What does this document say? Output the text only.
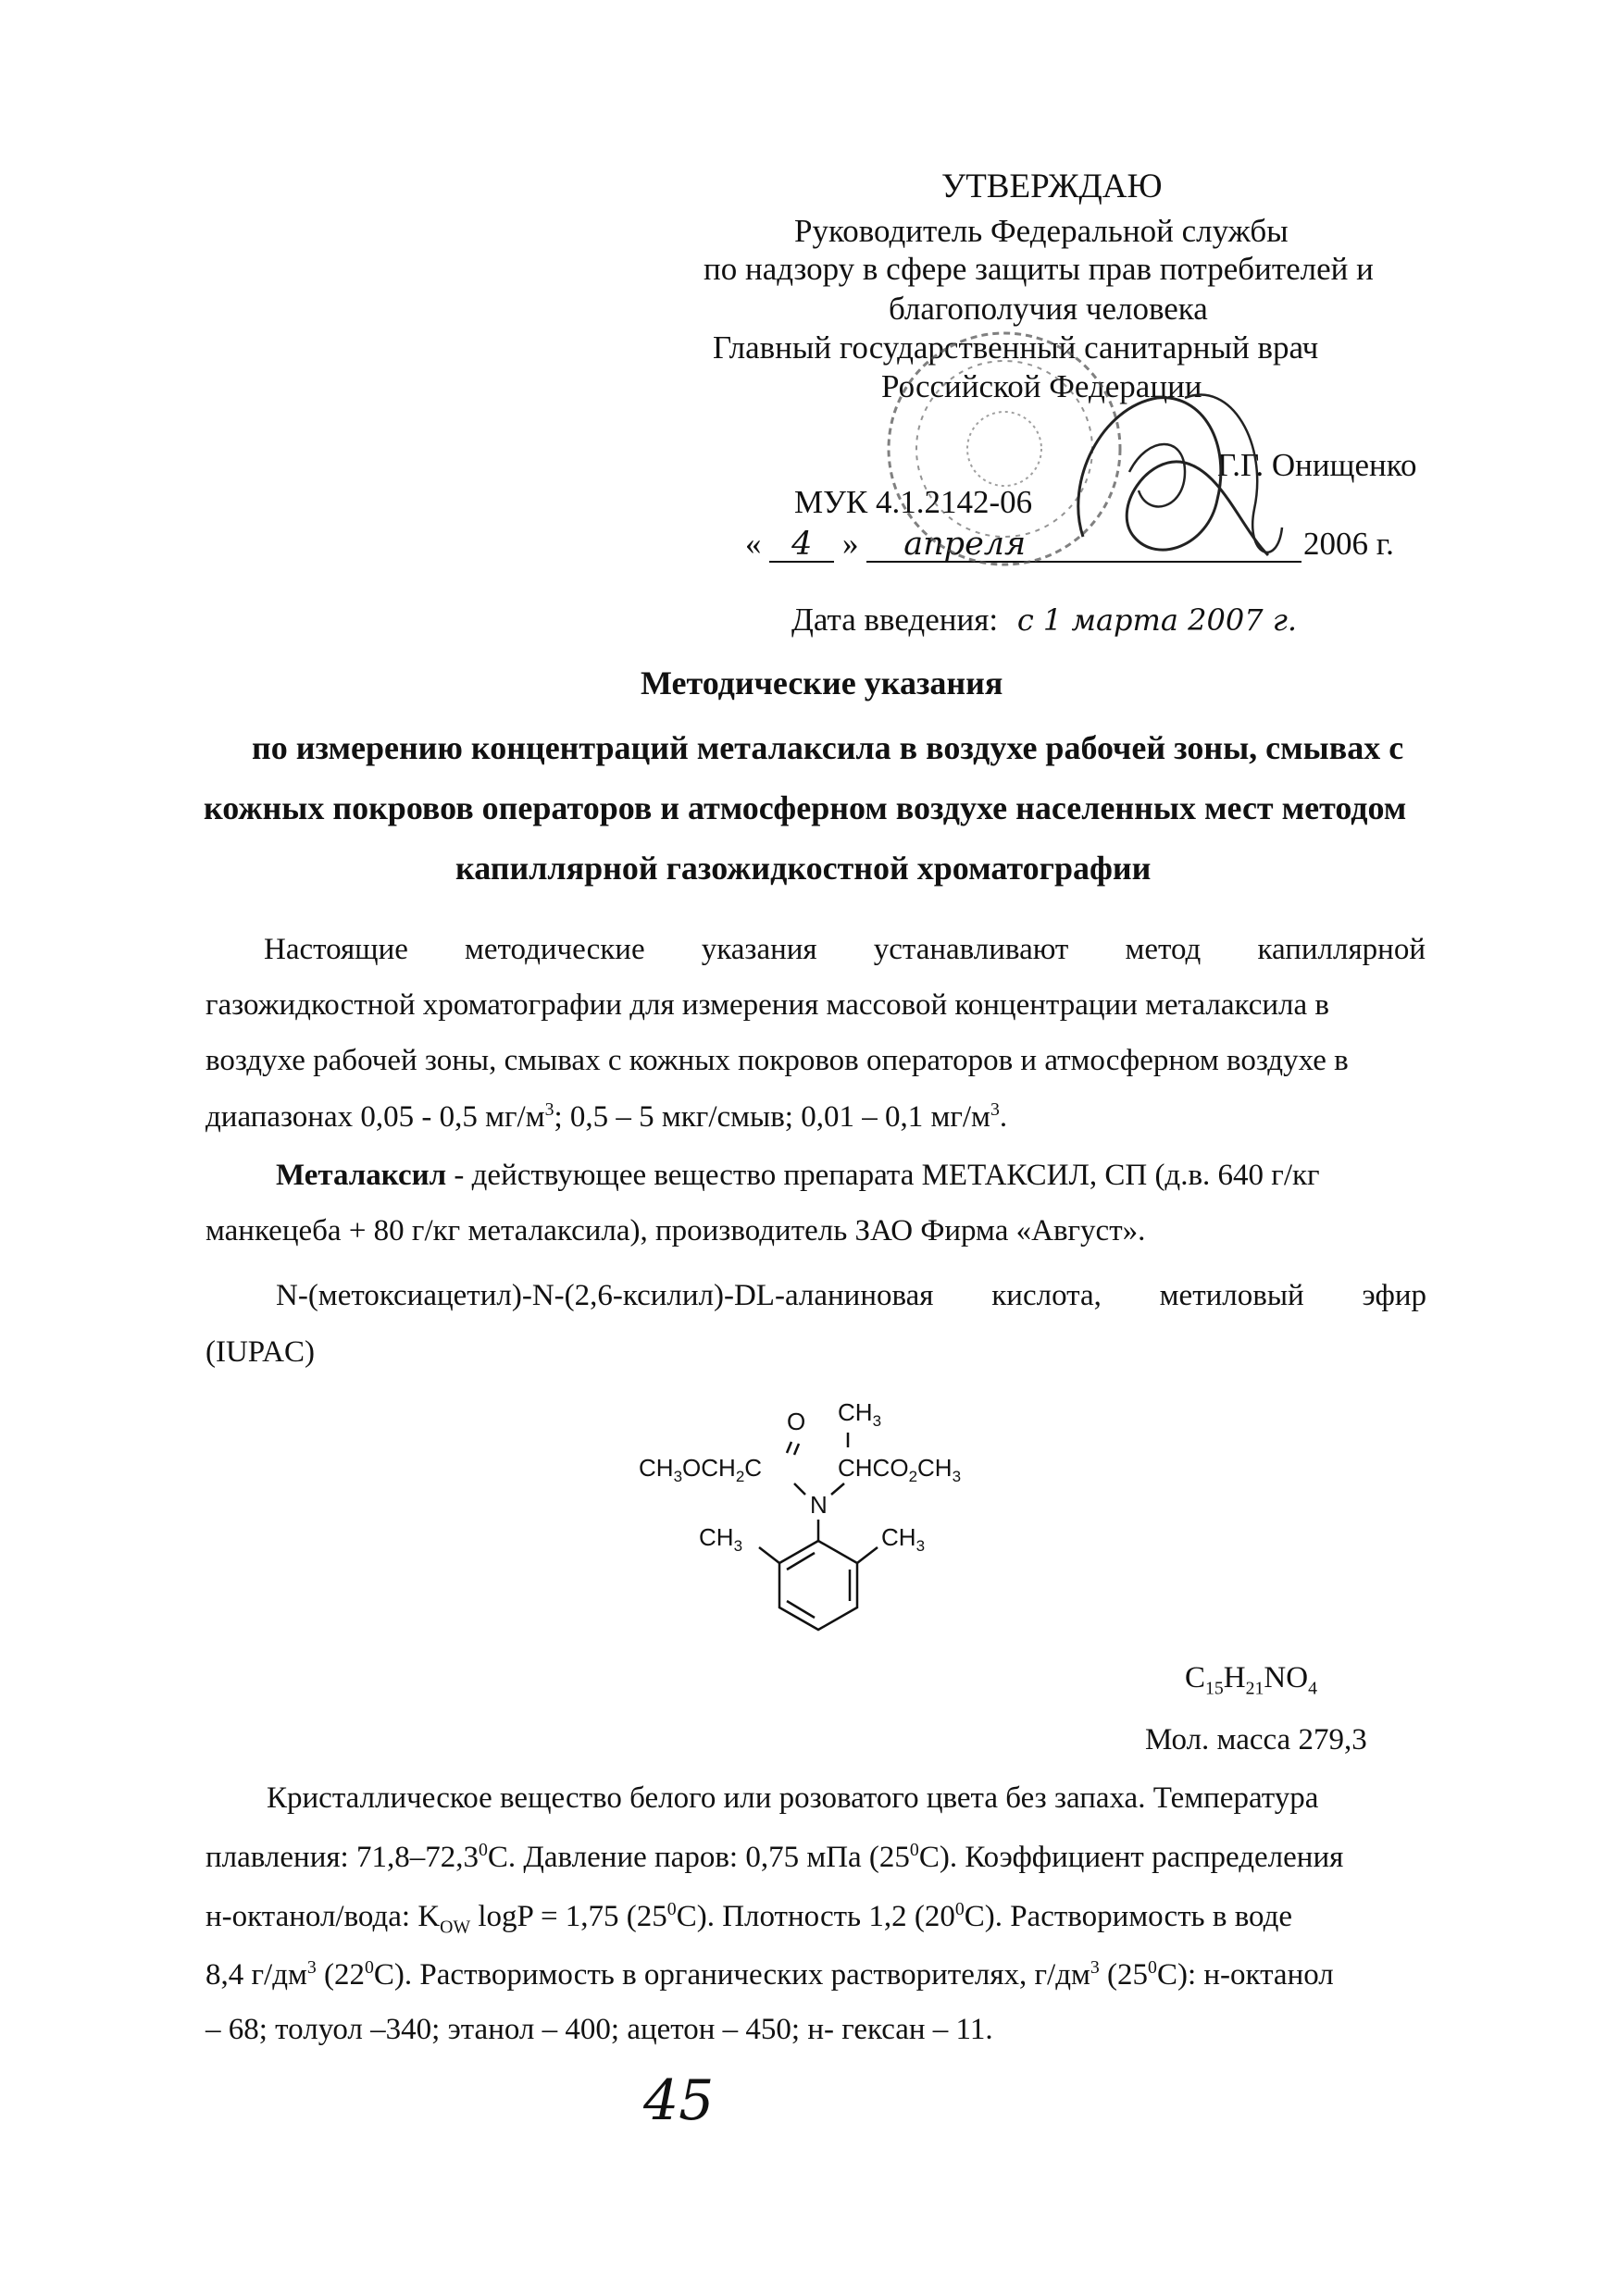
УТВЕРЖДАЮ
Руководитель Федеральной службы
по надзору в сфере защиты прав потребителей и
благополучия человека
Главный государственный санитарный врач
Российской Федерации
Г.Г. Онищенко
МУК 4.1.2142-06
« 4 » апреля	2006 г.
Дата введения: с 1 марта 2007 г.
Методические указания
по измерению концентраций металаксила в воздухе рабочей зоны, смывах с
кожных покровов операторов и атмосферном воздухе населенных мест методом
капиллярной газожидкостной хроматографии
Настоящие методические указания устанавливают метод капиллярной
газожидкостной хроматографии для измерения массовой концентрации металаксила в
воздухе рабочей зоны, смывах с кожных покровов операторов и атмосферном воздухе в
диапазонах 0,05 - 0,5 $мг/м^3$; 0,5 – 5 мкг/смыв; 0,01 – 0,1 $мг/м^3$.
Металаксил - действующее вещество препарата МЕТАКСИЛ, СП (д.в. 640 г/кг
манкецеба + 80 г/кг металаксила), производитель ЗАО Фирма «Август».
N-(метоксиацетил)-N-(2,6-ксилил)-DL-аланиновая кислота, метиловый эфир
(IUPAC)
O $CH_3$
$CH_3OCH_2C$	$CHCO_2CH_3$
N
$CH_3$	$CH_3$
$C_{15}H_{21}NO_4$
Мол. масса 279,3
Кристаллическое вещество белого или розоватого цвета без запаха. Температура
плавления: 71,8–72,3$^0$С. Давление паров: 0,75 мПа $(25^0С)$. Коэффициент распределения
н-октанол/вода: $K_{OW}$ logP = 1,75 $(25^0С)$. Плотность 1,2 $(20^0С)$. Растворимость в воде
8,4 $г/дм^3$ $(22^0С)$. Растворимость в органических растворителях, $г/дм^3$ $(25^0С)$: н-октанол
– 68; толуол –340; этанол – 400; ацетон – 450; н- гексан – 11.
45
